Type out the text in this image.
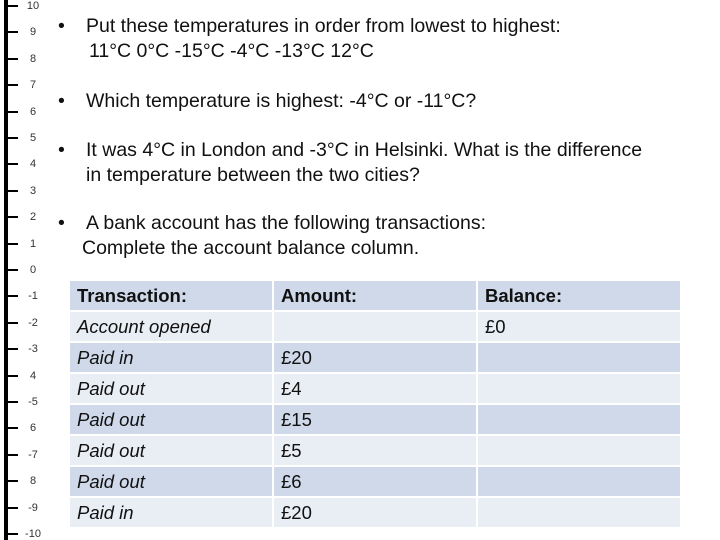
10
9
8
7
6
5
4
3
2
1
0
-1
-2
-3
4
-5
6
-7
8
-9
-10
• Put these temperatures in order from lowest to highest:
11°C 0°C -15°C -4°C -13°C 12°C
• Which temperature is highest: -4°C or -11°C?
• It was 4°C in London and -3°C in Helsinki. What is the difference
in temperature between the two cities?
• A bank account has the following transactions:
Complete the account balance column.
Transaction:	Amount:	Balance:
Account opened		£0
Paid in	£20	
Paid out	£4	
Paid out	£15	
Paid out	£5	
Paid out	£6	
Paid in	£20	
